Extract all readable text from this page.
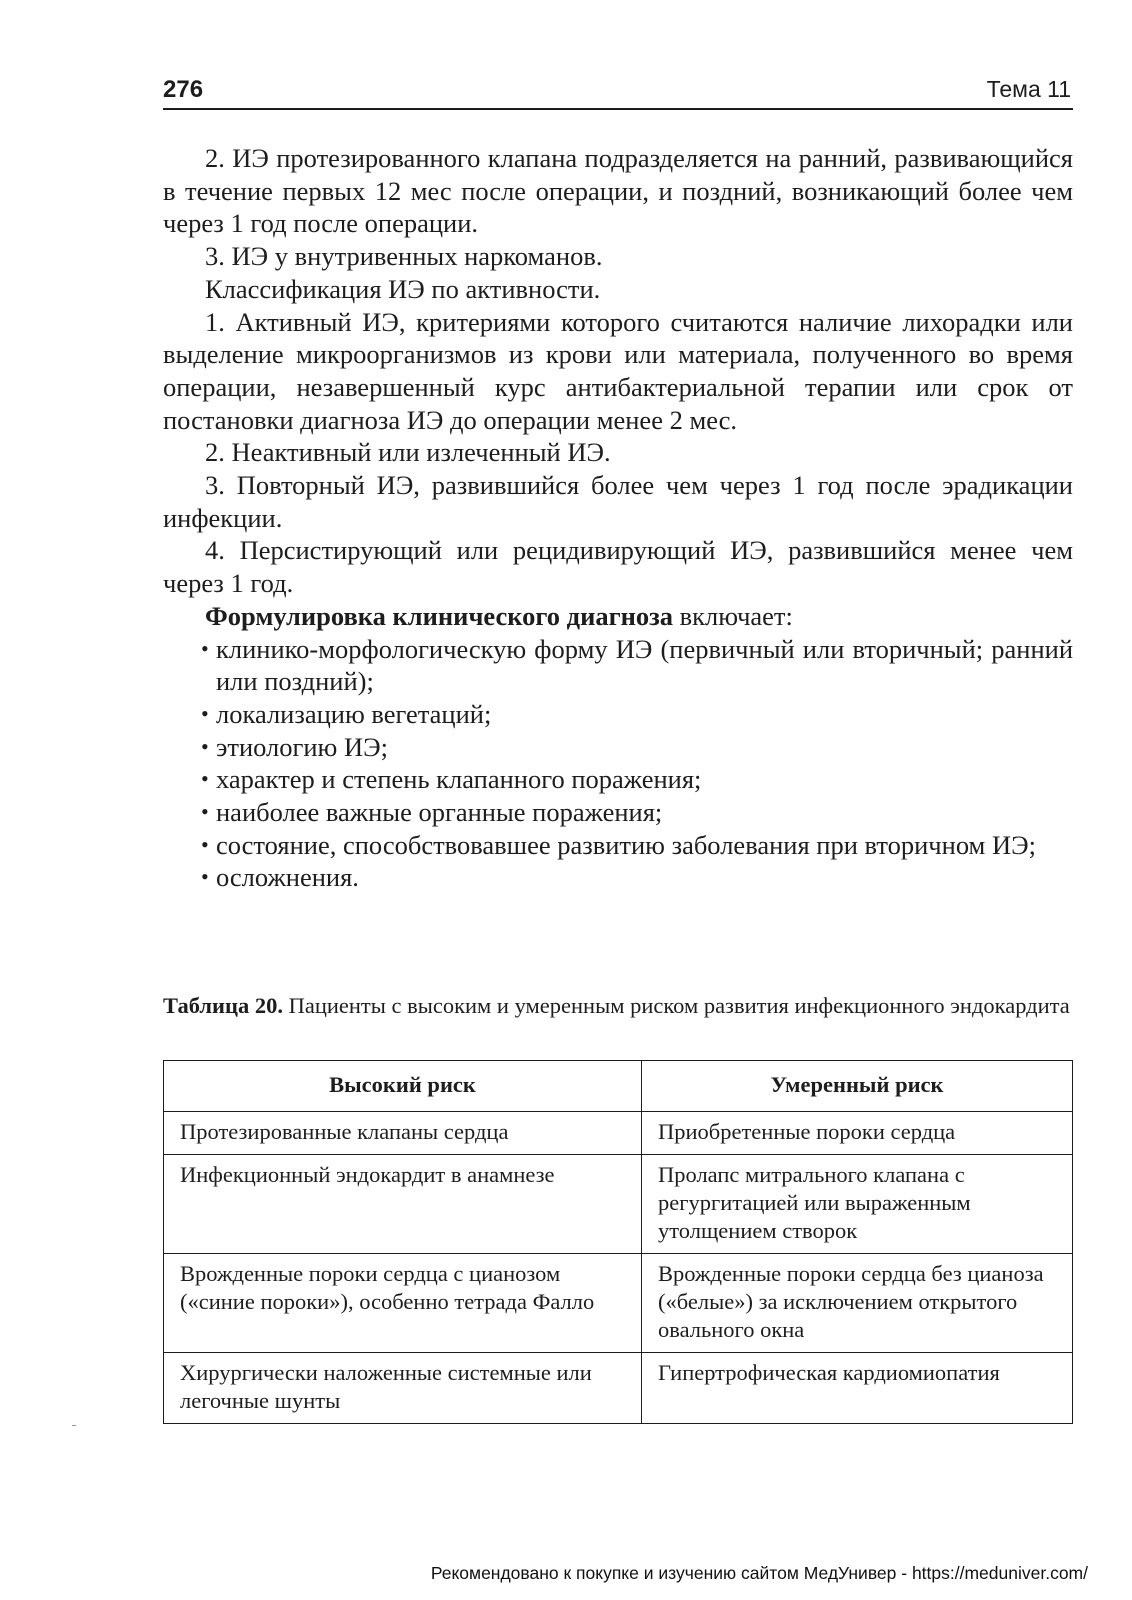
276	Тема 11

2. ИЭ протезированного клапана подразделяется на ранний, развивающийся в течение первых 12 мес после операции, и поздний, возникающий более чем через 1 год после операции.

3. ИЭ у внутривенных наркоманов.

Классификация ИЭ по активности.

1. Активный ИЭ, критериями которого считаются наличие лихорадки или выделение микроорганизмов из крови или материала, полученного во время операции, незавершенный курс антибактериальной терапии или срок от постановки диагноза ИЭ до операции менее 2 мес.

2. Неактивный или излеченный ИЭ.

3. Повторный ИЭ, развившийся более чем через 1 год после эрадикации инфекции.

4. Персистирующий или рецидивирующий ИЭ, развившийся менее чем через 1 год.

Формулировка клинического диагноза включает:

• клинико-морфологическую форму ИЭ (первичный или вторичный; ранний или поздний);
• локализацию вегетаций;
• этиологию ИЭ;
• характер и степень клапанного поражения;
• наиболее важные органные поражения;
• состояние, способствовавшее развитию заболевания при вторичном ИЭ;
• осложнения.
Таблица 20. Пациенты с высоким и умеренным риском развития инфекционного эндокардита
Высокий риск	Умеренный риск
Протезированные клапаны сердца	Приобретенные пороки сердца
Инфекционный эндокардит в анамнезе	Пролапс митрального клапана с регургитацией или выраженным утолщением створок
Врожденные пороки сердца с цианозом («синие пороки»), особенно тетрада Фалло	Врожденные пороки сердца без цианоза («белые») за исключением открытого овального окна
Хирургически наложенные системные или легочные шунты	Гипертрофическая кардиомиопатия
Рекомендовано к покупке и изучению сайтом МедУнивер - https://meduniver.com/
